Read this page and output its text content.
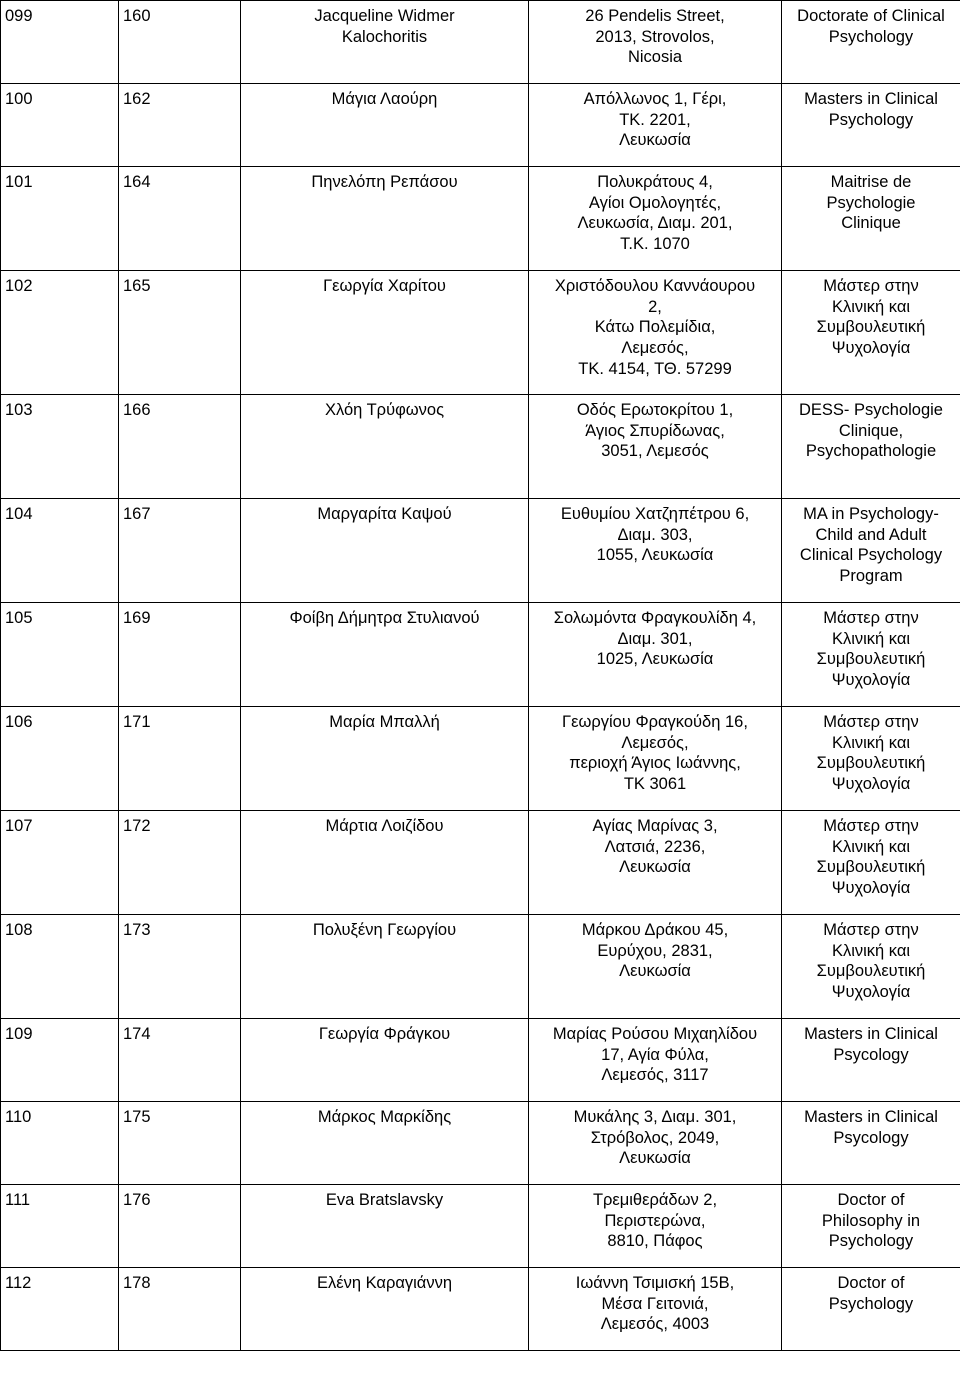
099	160	Jacqueline Widmer
Kalochoritis	26 Pendelis Street,
2013, Strovolos,
Nicosia	Doctorate of Clinical
Psychology

100	162	Μάγια Λαούρη	Απόλλωνος 1, Γέρι,
ΤΚ. 2201,
Λευκωσία	Masters in Clinical
Psychology

101	164	Πηνελόπη Ρεπάσου	Πολυκράτους 4,
Αγίοι Ομολογητές,
Λευκωσία, Διαμ. 201,
Τ.Κ. 1070	Maitrise de
Psychologie
Clinique

102	165	Γεωργία Χαρίτου	Χριστόδουλου Καννάουρου
2,
Κάτω Πολεμίδια,
Λεμεσός,
ΤΚ. 4154, ΤΘ. 57299	Μάστερ στην
Κλινική και
Συμβουλευτική
Ψυχολογία

103	166	Χλόη Τρύφωνος	Οδός Ερωτοκρίτου 1,
Άγιος Σπυρίδωνας,
3051, Λεμεσός	DESS- Psychologie
Clinique,
Psychopathologie

104	167	Μαργαρίτα Καψού	Ευθυμίου Χατζηπέτρου 6,
Διαμ. 303,
1055, Λευκωσία	MA in Psychology-
Child and Adult
Clinical Psychology
Program

105	169	Φοίβη Δήμητρα Στυλιανού	Σολωμόντα Φραγκουλίδη 4,
Διαμ. 301,
1025, Λευκωσία	Μάστερ στην
Κλινική και
Συμβουλευτική
Ψυχολογία

106	171	Μαρία Μπαλλή	Γεωργίου Φραγκούδη 16,
Λεμεσός,
περιοχή Άγιος Ιωάννης,
ΤΚ 3061	Μάστερ στην
Κλινική και
Συμβουλευτική
Ψυχολογία

107	172	Μάρτια Λοιζίδου	Αγίας Μαρίνας 3,
Λατσιά, 2236,
Λευκωσία	Μάστερ στην
Κλινική και
Συμβουλευτική
Ψυχολογία

108	173	Πολυξένη Γεωργίου	Μάρκου Δράκου 45,
Ευρύχου, 2831,
Λευκωσία	Μάστερ στην
Κλινική και
Συμβουλευτική
Ψυχολογία

109	174	Γεωργία Φράγκου	Μαρίας Ρούσου Μιχαηλίδου
17, Αγία Φύλα,
Λεμεσός, 3117	Masters in Clinical
Psycology

110	175	Μάρκος Μαρκίδης	Μυκάλης 3, Διαμ. 301,
Στρόβολος, 2049,
Λευκωσία	Masters in Clinical
Psycology

111	176	Eva Bratslavsky	Τρεμιθεράδων 2,
Περιστερώνα,
8810, Πάφος	Doctor of
Philosophy in
Psychology

112	178	Ελένη Καραγιάννη	Ιωάννη Τσιμισκή 15Β,
Μέσα Γειτονιά,
Λεμεσός, 4003	Doctor of
Psychology
